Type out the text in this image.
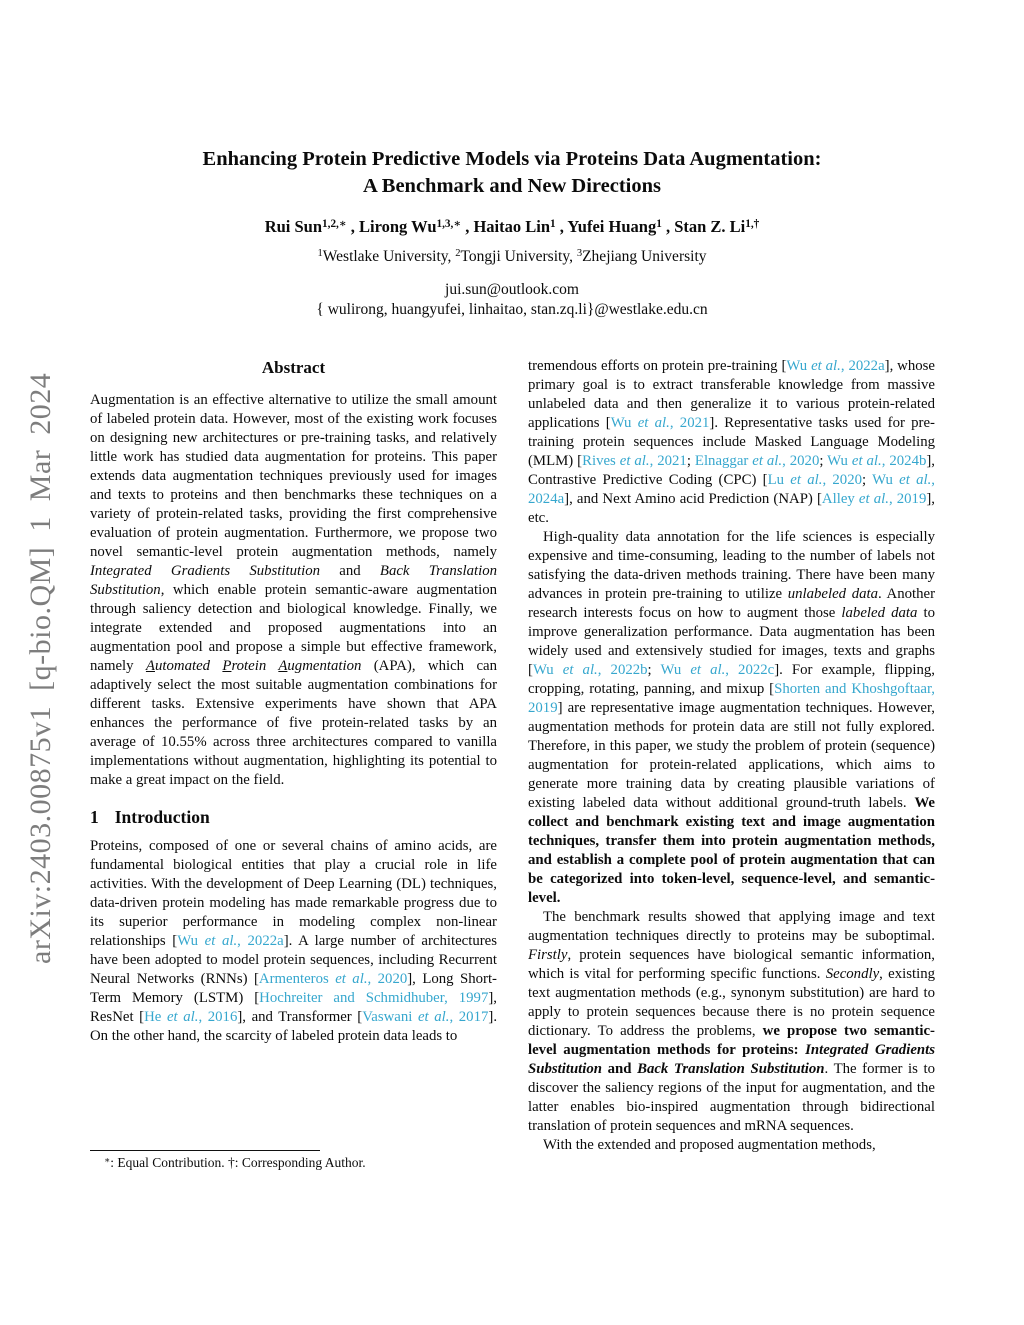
arXiv:2403.00875v1 [q-bio.QM] 1 Mar 2024
Enhancing Protein Predictive Models via Proteins Data Augmentation:
A Benchmark and New Directions
Rui Sun$^{1,2,∗}$ , Lirong $Wu^{1,3,∗}$ , Haitao Lin$^1$ , Yufei Huang$^1$ , Stan Z. $Li^{1,\dagger}$
$^1$Westlake University, $^2$Tongji University, $^3$Zhejiang University
jui.sun@outlook.com
{ wulirong, huangyufei, linhaitao, stan.zq.li}@westlake.edu.cn
Abstract
Augmentation is an effective alternative to utilize the small amount of labeled protein data. However, most of the existing work focuses on designing new architectures or pre-training tasks, and relatively little work has studied data augmentation for proteins. This paper extends data augmentation techniques previously used for images and texts to proteins and then benchmarks these techniques on a variety of protein-related tasks, providing the first comprehensive evaluation of protein augmentation. Furthermore, we propose two novel semantic-level protein augmentation methods, namely Integrated Gradients Substitution and Back Translation Substitution, which enable protein semantic-aware augmentation through saliency detection and biological knowledge. Finally, we integrate extended and proposed augmentations into an augmentation pool and propose a simple but effective framework, namely Automated Protein Augmentation (APA), which can adaptively select the most suitable augmentation combinations for different tasks. Extensive experiments have shown that APA enhances the performance of five protein-related tasks by an average of 10.55% across three architectures compared to vanilla implementations without augmentation, highlighting its potential to make a great impact on the field.
1 Introduction
Proteins, composed of one or several chains of amino acids, are fundamental biological entities that play a crucial role in life activities. With the development of Deep Learning (DL) techniques, data-driven protein modeling has made remarkable progress due to its superior performance in modeling complex non-linear relationships [Wu et al., 2022a]. A large number of architectures have been adopted to model protein sequences, including Recurrent Neural Networks (RNNs) [Armenteros et al., 2020], Long Short-Term Memory (LSTM) [Hochreiter and Schmidhuber, 1997], ResNet [He et al., 2016], and Transformer [Vaswani et al., 2017]. On the other hand, the scarcity of labeled protein data leads to
∗: Equal Contribution. †: Corresponding Author.

tremendous efforts on protein pre-training [Wu et al., 2022a], whose primary goal is to extract transferable knowledge from massive unlabeled data and then generalize it to various protein-related applications [Wu et al., 2021]. Representative tasks used for pre-training protein sequences include Masked Language Modeling (MLM) [Rives et al., 2021; Elnaggar et al., 2020; Wu et al., 2024b], Contrastive Predictive Coding (CPC) [Lu et al., 2020; Wu et al., 2024a], and Next Amino acid Prediction (NAP) [Alley et al., 2019], etc.

High-quality data annotation for the life sciences is especially expensive and time-consuming, leading to the number of labels not satisfying the data-driven methods training. There have been many advances in protein pre-training to utilize unlabeled data. Another research interests focus on how to augment those labeled data to improve generalization performance. Data augmentation has been widely used and extensively studied for images, texts and graphs [Wu et al., 2022b; Wu et al., 2022c]. For example, flipping, cropping, rotating, panning, and mixup [Shorten and Khoshgoftaar, 2019] are representative image augmentation techniques. However, augmentation methods for protein data are still not fully explored. Therefore, in this paper, we study the problem of protein (sequence) augmentation for protein-related applications, which aims to generate more training data by creating plausible variations of existing labeled data without additional ground-truth labels. We collect and benchmark existing text and image augmentation techniques, transfer them into protein augmentation methods, and establish a complete pool of protein augmentation that can be categorized into token-level, sequence-level, and semantic-level.

The benchmark results showed that applying image and text augmentation techniques directly to proteins may be suboptimal. Firstly, protein sequences have biological semantic information, which is vital for performing specific functions. Secondly, existing text augmentation methods (e.g., synonym substitution) are hard to apply to protein sequences because there is no protein sequence dictionary. To address the problems, we propose two semantic-level augmentation methods for proteins: Integrated Gradients Substitution and Back Translation Substitution. The former is to discover the saliency regions of the input for augmentation, and the latter enables bio-inspired augmentation through bidirectional translation of protein sequences and mRNA sequences.

With the extended and proposed augmentation methods,
